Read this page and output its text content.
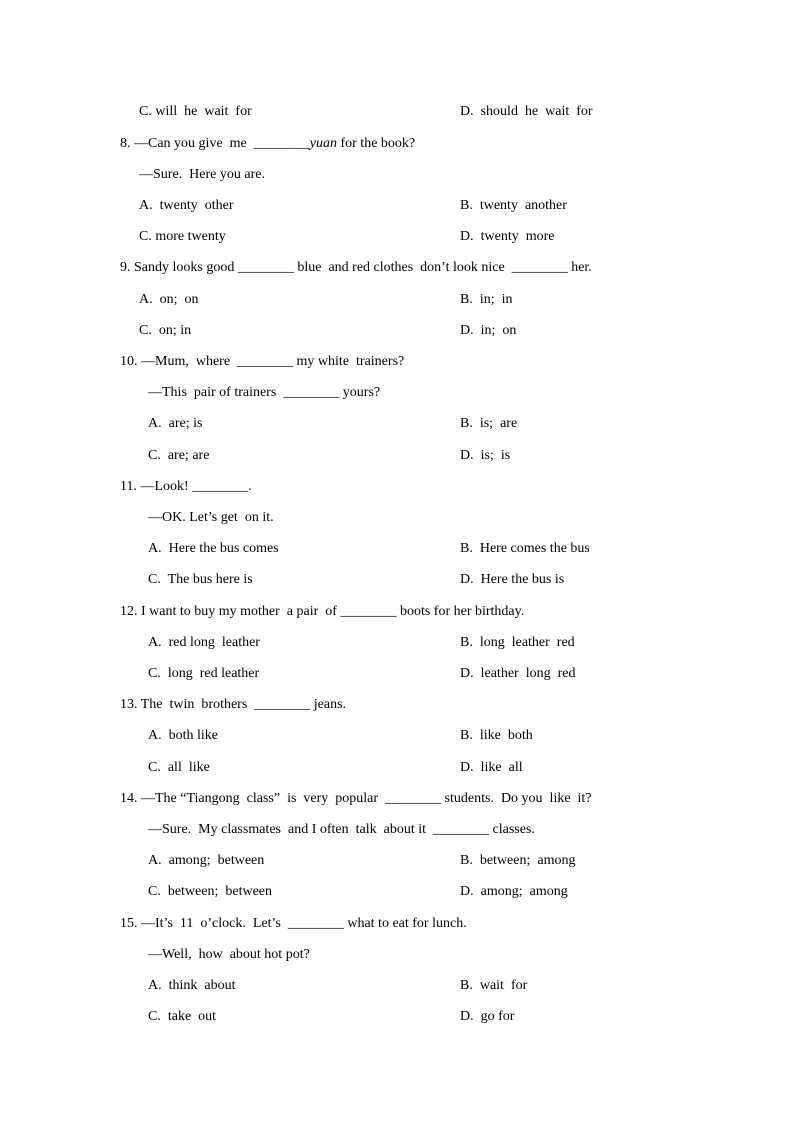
C. will  he  wait  for	D.  should  he  wait  for
8. —Can you give  me  ________yuan for the book?
—Sure.  Here you are.
A.  twenty  other	B.  twenty  another
C. more twenty	D.  twenty  more
9. Sandy looks good ________ blue  and red clothes  don’t look nice  ________ her.
A.  on;  on	B.  in;  in
C.  on; in	D.  in;  on
10. —Mum,  where  ________ my white  trainers?
—This  pair of trainers  ________ yours?
A.  are; is	B.  is;  are
C.  are; are	D.  is;  is
11. —Look! ________.
—OK. Let’s get  on it.
A.  Here the bus comes	B.  Here comes the bus
C.  The bus here is	D.  Here the bus is
12. I want to buy my mother  a pair  of ________ boots for her birthday.
A.  red long  leather	B.  long  leather  red
C.  long  red leather	D.  leather  long  red
13. The  twin  brothers  ________ jeans.
A.  both like	B.  like  both
C.  all  like	D.  like  all
14. —The “Tiangong  class”  is  very  popular  ________ students.  Do you  like  it?
—Sure.  My classmates  and I often  talk  about it  ________ classes.
A.  among;  between	B.  between;  among
C.  between;  between	D.  among;  among
15. —It’s  11  o’clock.  Let’s  ________ what to eat for lunch.
—Well,  how  about hot pot?
A.  think  about	B.  wait  for
C.  take  out	D.  go for
